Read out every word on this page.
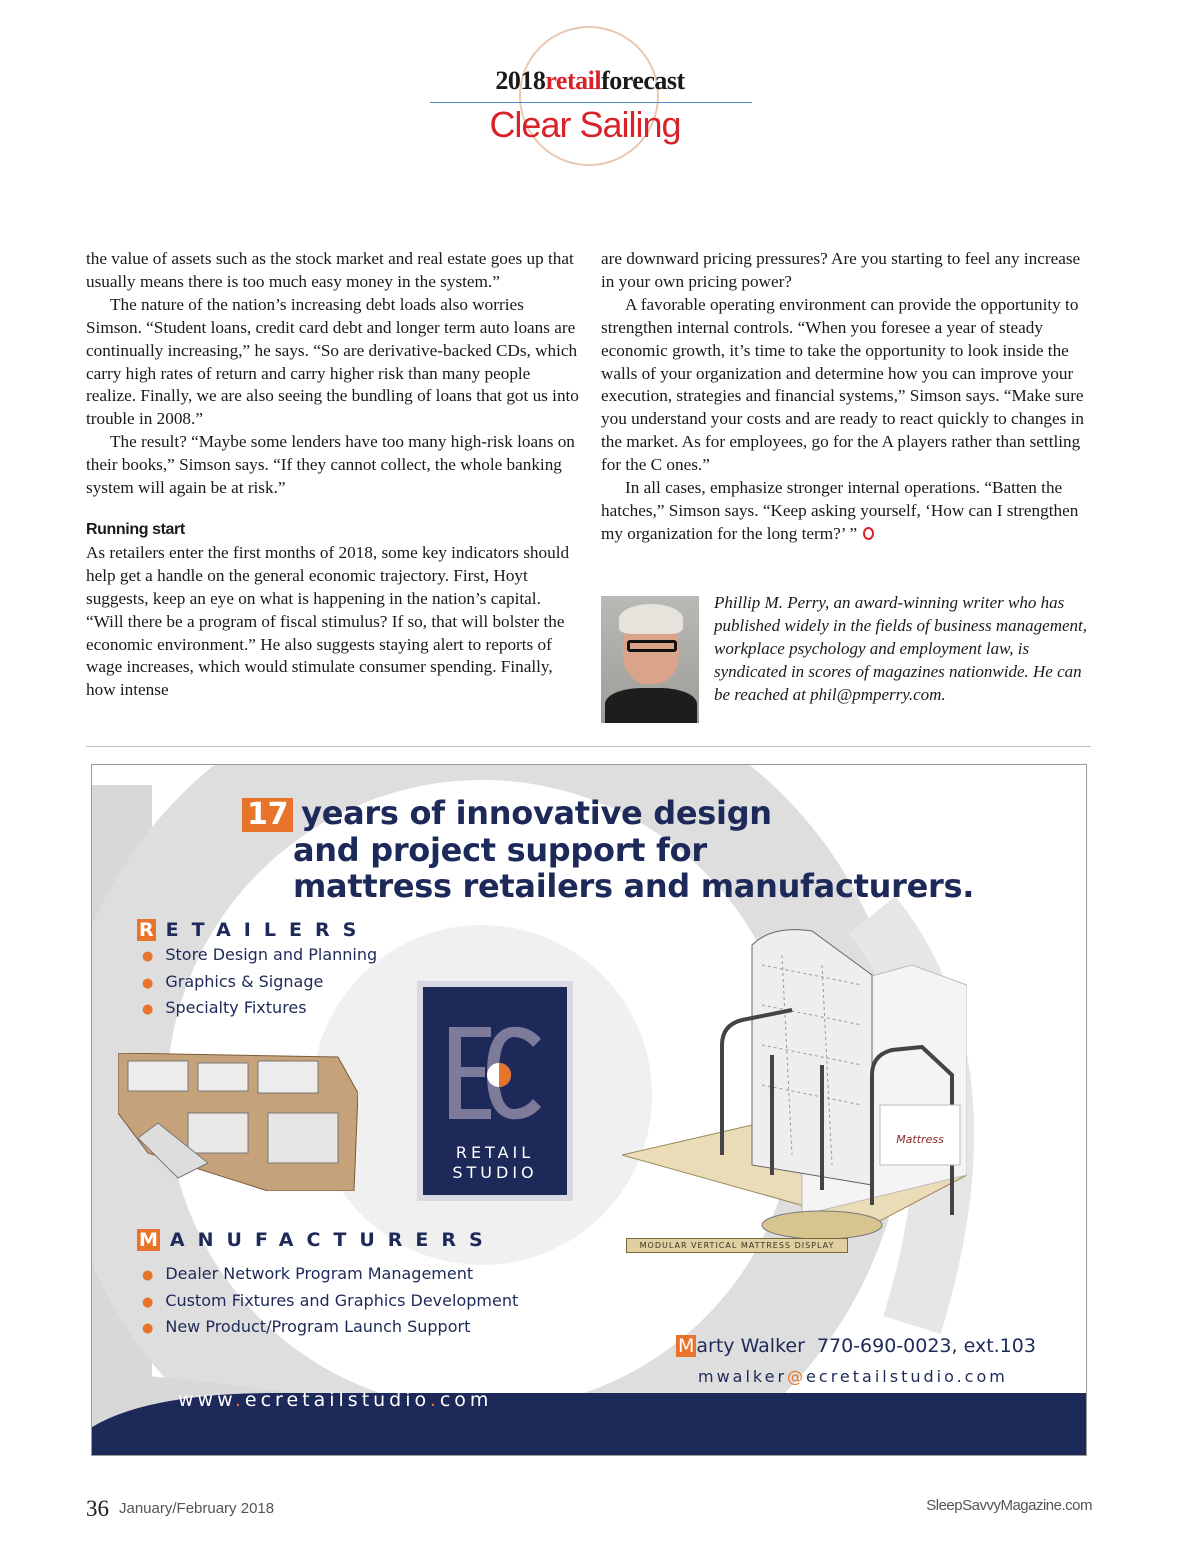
2018retailforecast
Clear Sailing

the value of assets such as the stock market and real estate goes up that usually means there is too much easy money in the system.”

The nature of the nation’s increasing debt loads also worries Simson. “Student loans, credit card debt and longer term auto loans are continually increasing,” he says. “So are derivative-backed CDs, which carry high rates of return and carry higher risk than many people realize. Finally, we are also seeing the bundling of loans that got us into trouble in 2008.”

The result? “Maybe some lenders have too many high-risk loans on their books,” Simson says. “If they cannot collect, the whole banking system will again be at risk.”

Running start

As retailers enter the first months of 2018, some key indicators should help get a handle on the general economic trajectory. First, Hoyt suggests, keep an eye on what is happening in the nation’s capital. “Will there be a program of fiscal stimulus? If so, that will bolster the economic environment.” He also suggests staying alert to reports of wage increases, which would stimulate consumer spending. Finally, how intense

are downward pricing pressures? Are you starting to feel any increase in your own pricing power?

A favorable operating environment can provide the opportunity to strengthen internal controls. “When you foresee a year of steady economic growth, it’s time to take the opportunity to look inside the walls of your organization and determine how you can improve your execution, strategies and financial systems,” Simson says. “Make sure you understand your costs and are ready to react quickly to changes in the market. As for employees, go for the A players rather than settling for the C ones.”

In all cases, emphasize stronger internal operations. “Batten the hatches,” Simson says. “Keep asking yourself, ‘How can I strengthen my organization for the long term?’ ”

Phillip M. Perry, an award-winning writer who has published widely in the fields of business management, workplace psychology and employment law, is syndicated in scores of magazines nationwide. He can be reached at phil@pmperry.com.
17 years of innovative design
and project support for
mattress retailers and manufacturers.
R ETAILERS
● Store Design and Planning
● Graphics & Signage
● Specialty Fixtures
RETAIL
STUDIO
Mattress
MODULAR VERTICAL MATTRESS DISPLAY
M ANUFACTURERS
● Dealer Network Program Management
● Custom Fixtures and Graphics Development
● New Product/Program Launch Support
M arty Walker 770-690-0023, ext.103
mwalker@ecretailstudio.com
www.ecretailstudio.com
36 January/February 2018	SleepSavvyMagazine.com
